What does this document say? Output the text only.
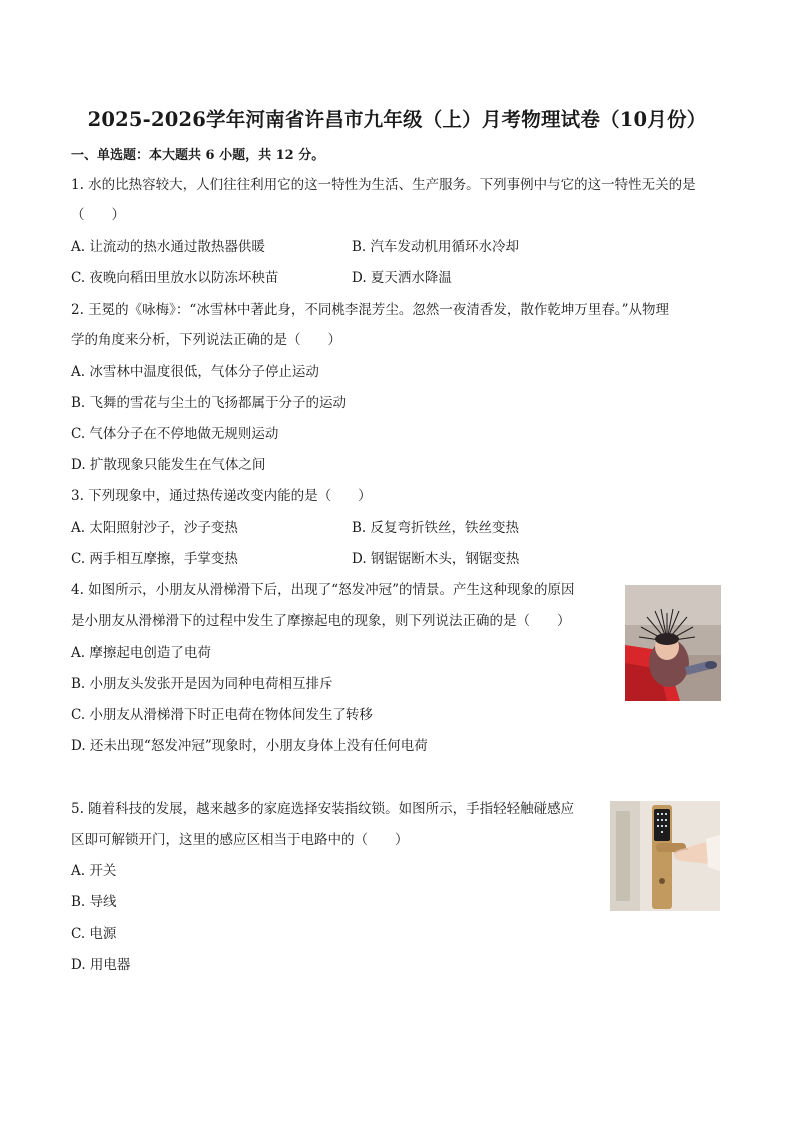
2025-2026学年河南省许昌市九年级（上）月考物理试卷（10月份）
一、单选题：本大题共 6 小题，共 12 分。
1. 水的比热容较大，人们往往利用它的这一特性为生活、生产服务。下列事例中与它的这一特性无关的是
（　　）
A. 让流动的热水通过散热器供暖	B. 汽车发动机用循环水冷却
C. 夜晚向稻田里放水以防冻坏秧苗	D. 夏天洒水降温
2. 王冕的《咏梅》：“冰雪林中著此身，不同桃李混芳尘。忽然一夜清香发，散作乾坤万里春。”从物理
学的角度来分析，下列说法正确的是（　　）
A. 冰雪林中温度很低，气体分子停止运动
B. 飞舞的雪花与尘土的飞扬都属于分子的运动
C. 气体分子在不停地做无规则运动
D. 扩散现象只能发生在气体之间
3. 下列现象中，通过热传递改变内能的是（　　）
A. 太阳照射沙子，沙子变热	B. 反复弯折铁丝，铁丝变热
C. 两手相互摩擦，手掌变热	D. 钢锯锯断木头，钢锯变热
4. 如图所示，小朋友从滑梯滑下后，出现了“怒发冲冠”的情景。产生这种现象的原因
是小朋友从滑梯滑下的过程中发生了摩擦起电的现象，则下列说法正确的是（　　）
A. 摩擦起电创造了电荷
B. 小朋友头发张开是因为同种电荷相互排斥
C. 小朋友从滑梯滑下时正电荷在物体间发生了转移
D. 还未出现“怒发冲冠”现象时，小朋友身体上没有任何电荷
5. 随着科技的发展，越来越多的家庭选择安装指纹锁。如图所示，手指轻轻触碰感应
区即可解锁开门，这里的感应区相当于电路中的（　　）
A. 开关
B. 导线
C. 电源
D. 用电器
